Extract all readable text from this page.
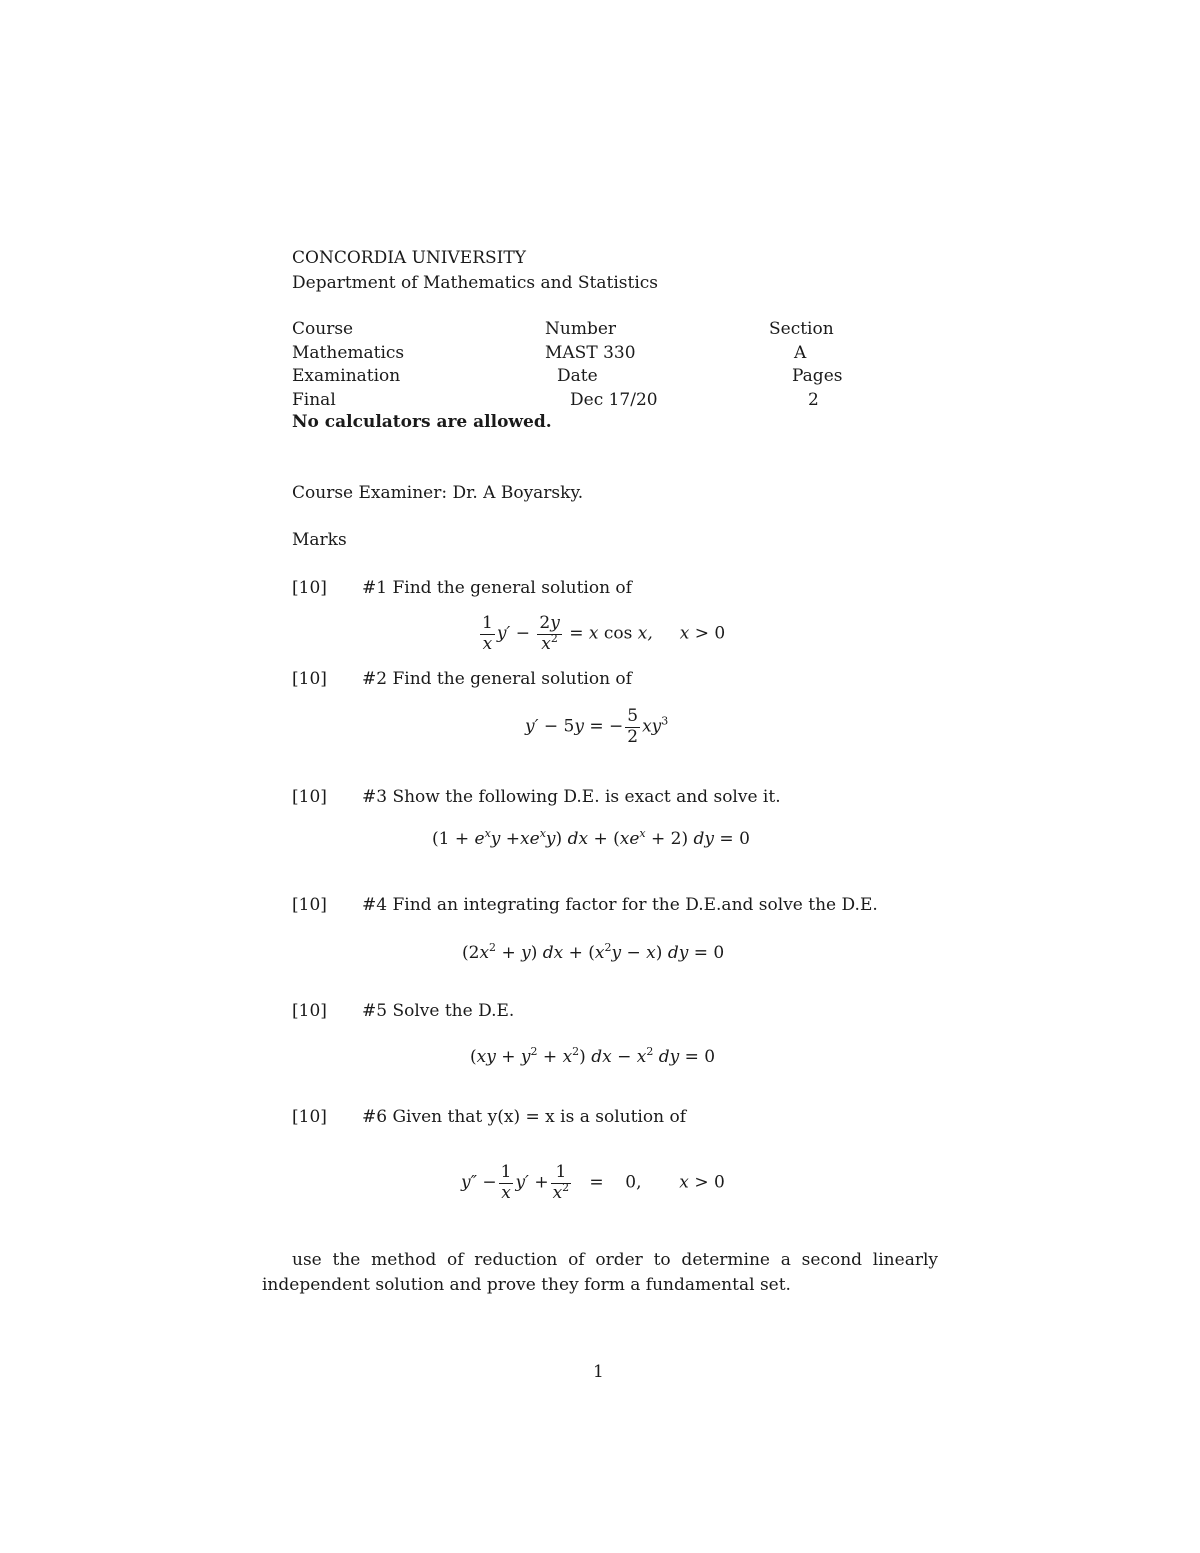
CONCORDIA UNIVERSITY
Department of Mathematics and Statistics
Course
Mathematics
Examination
Final
Number
MAST 330
Date
Dec 17/20
Section
A
Pages
2
No calculators are allowed.
Course Examiner: Dr. A Boyarsky.
Marks
[10] #1 Find the general solution of
$\frac{1}{x} y' - \frac{2y}{x^2} = x$ cos x,     x > 0
[10] #2 Find the general solution of
y′ − 5y = − $\frac{5}{2} xy^3$
[10] #3 Show the following D.E. is exact and solve it.
$(1 + e^xy +xe^xy)$ dx + $(xe^x + 2)$ dy = 0
[10] #4 Find an integrating factor for the D.E.and solve the D.E.
$(2x^2 + y)$ dx + $(x^2y - x)$ dy = 0
[10] #5 Solve the D.E.
$(xy + y^2 + x^2)$ dx − $x^2$ dy = 0
[10] #6 Given that y(x) = x is a solution of
$y'' - \frac{1}{x} y' + \frac{1}{x^2} = 0$,       x > 0
use the method of reduction of order to determine a second linearly independent solution and prove they form a fundamental set.
1
